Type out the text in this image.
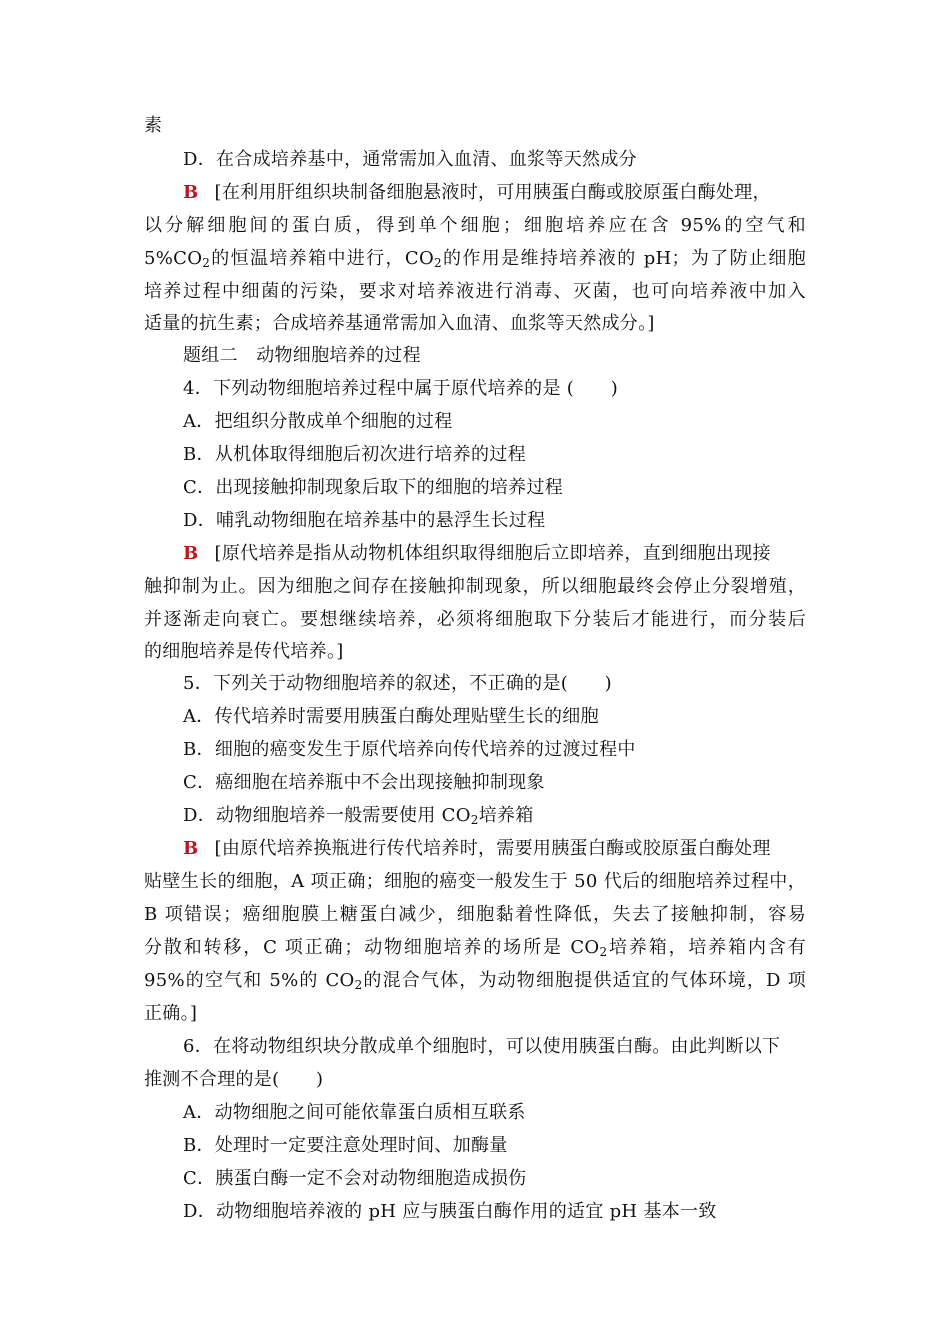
素
D．在合成培养基中，通常需加入血清、血浆等天然成分
B [在利用肝组织块制备细胞悬液时，可用胰蛋白酶或胶原蛋白酶处理，
以分解细胞间的蛋白质，得到单个细胞；细胞培养应在含 95%的空气和
$5\%CO_2$的恒温培养箱中进行，$CO_2$的作用是维持培养液的 pH；为了防止细胞
培养过程中细菌的污染，要求对培养液进行消毒、灭菌，也可向培养液中加入
适量的抗生素；合成培养基通常需加入血清、血浆等天然成分。]
题组二　动物细胞培养的过程
4．下列动物细胞培养过程中属于原代培养的是 (　　)
A．把组织分散成单个细胞的过程
B．从机体取得细胞后初次进行培养的过程
C．出现接触抑制现象后取下的细胞的培养过程
D．哺乳动物细胞在培养基中的悬浮生长过程
B [原代培养是指从动物机体组织取得细胞后立即培养，直到细胞出现接
触抑制为止。因为细胞之间存在接触抑制现象，所以细胞最终会停止分裂增殖，
并逐渐走向衰亡。要想继续培养，必须将细胞取下分装后才能进行，而分装后
的细胞培养是传代培养。]
5．下列关于动物细胞培养的叙述，不正确的是(　　)
A．传代培养时需要用胰蛋白酶处理贴壁生长的细胞
B．细胞的癌变发生于原代培养向传代培养的过渡过程中
C．癌细胞在培养瓶中不会出现接触抑制现象
D．动物细胞培养一般需要使用 $CO_2$培养箱
B [由原代培养换瓶进行传代培养时，需要用胰蛋白酶或胶原蛋白酶处理
贴壁生长的细胞，A 项正确；细胞的癌变一般发生于 50 代后的细胞培养过程中，
B 项错误；癌细胞膜上糖蛋白减少，细胞黏着性降低，失去了接触抑制，容易
分散和转移，C 项正确；动物细胞培养的场所是 $CO_2$培养箱，培养箱内含有
95%的空气和 5%的 $CO_2$的混合气体，为动物细胞提供适宜的气体环境，D 项
正确。]
6．在将动物组织块分散成单个细胞时，可以使用胰蛋白酶。由此判断以下
推测不合理的是(　　)
A．动物细胞之间可能依靠蛋白质相互联系
B．处理时一定要注意处理时间、加酶量
C．胰蛋白酶一定不会对动物细胞造成损伤
D．动物细胞培养液的 pH 应与胰蛋白酶作用的适宜 pH 基本一致
